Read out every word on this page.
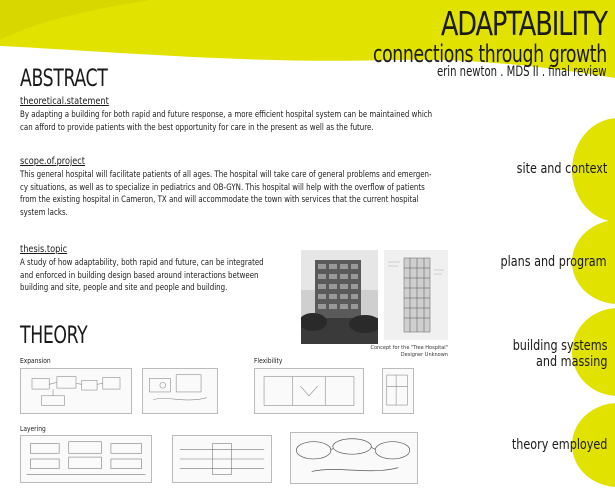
ADAPTABILITY
connections through growth
erin newton . MDS II . final review
ABSTRACT
theoretical.statement
By adapting a building for both rapid and future response, a more efficient hospital system can be maintained which
can afford to provide patients with the best opportunity for care in the present as well as the future.
scope.of.project
This general hospital will facilitate patients of all ages. The hospital will take care of general problems and emergen-
cy situations, as well as to specialize in pediatrics and OB-GYN. This hospital will help with the overflow of patients
from the existing hospital in Cameron, TX and will accommodate the town with services that the current hospital
system lacks.
thesis.topic
A study of how adaptability, both rapid and future, can be integrated
and enforced in building design based around interactions between
building and site, people and site and people and building.
Concept for the "Tree Hospital"
Designer Unknown
THEORY
Expansion	Flexibility
Layering
site and context
plans and program
building systems
and massing
theory employed
